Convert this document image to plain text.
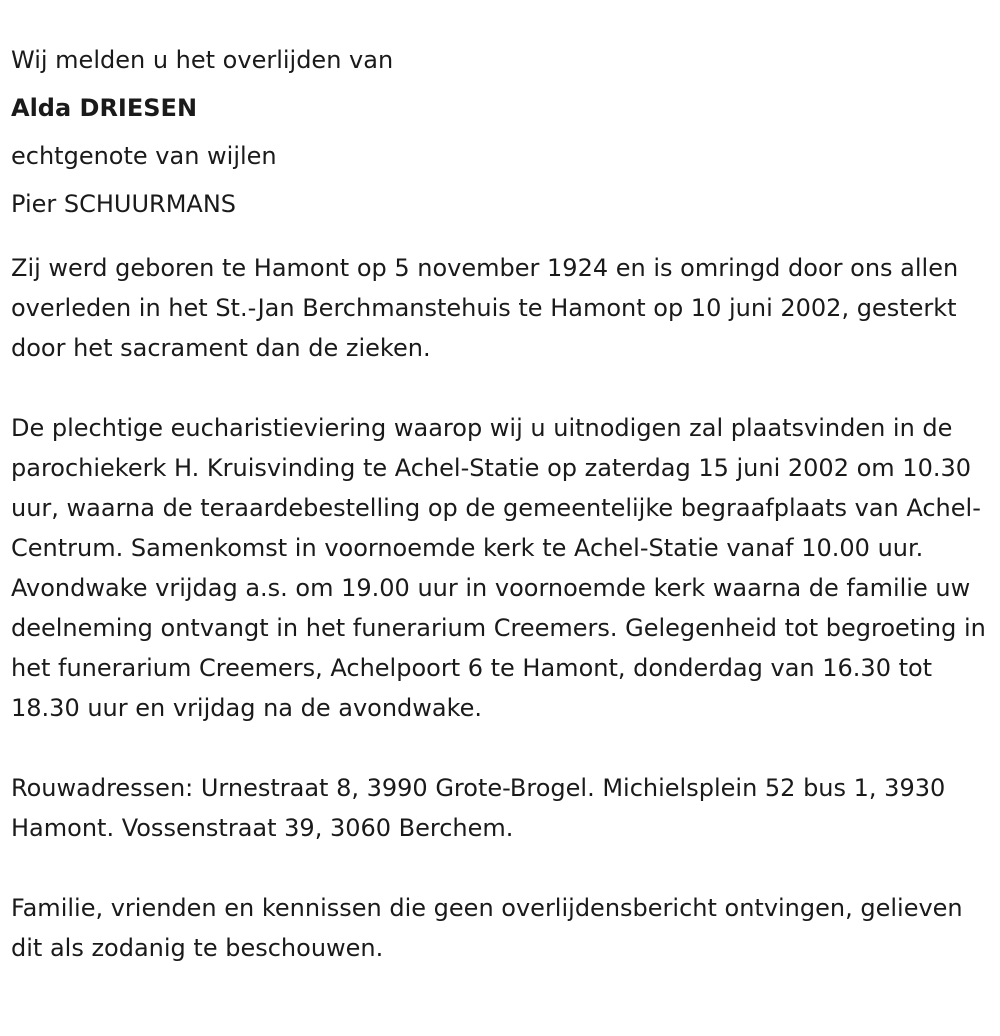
Wij melden u het overlijden van
Alda DRIESEN
echtgenote van wijlen
Pier SCHUURMANS

Zij werd geboren te Hamont op 5 november 1924 en is omringd door ons allen overleden in het St.-Jan Berchmanstehuis te Hamont op 10 juni 2002, gesterkt door het sacrament dan de zieken.

De plechtige eucharistieviering waarop wij u uitnodigen zal plaatsvinden in de parochiekerk H. Kruisvinding te Achel-Statie op zaterdag 15 juni 2002 om 10.30 uur, waarna de teraardebestelling op de gemeentelijke begraafplaats van Achel-Centrum. Samenkomst in voornoemde kerk te Achel-Statie vanaf 10.00 uur. Avondwake vrijdag a.s. om 19.00 uur in voornoemde kerk waarna de familie uw deelneming ontvangt in het funerarium Creemers. Gelegenheid tot begroeting in het funerarium Creemers, Achelpoort 6 te Hamont, donderdag van 16.30 tot 18.30 uur en vrijdag na de avondwake.

Rouwadressen: Urnestraat 8, 3990 Grote-Brogel. Michielsplein 52 bus 1, 3930 Hamont. Vossenstraat 39, 3060 Berchem.

Familie, vrienden en kennissen die geen overlijdensbericht ontvingen, gelieven dit als zodanig te beschouwen.
